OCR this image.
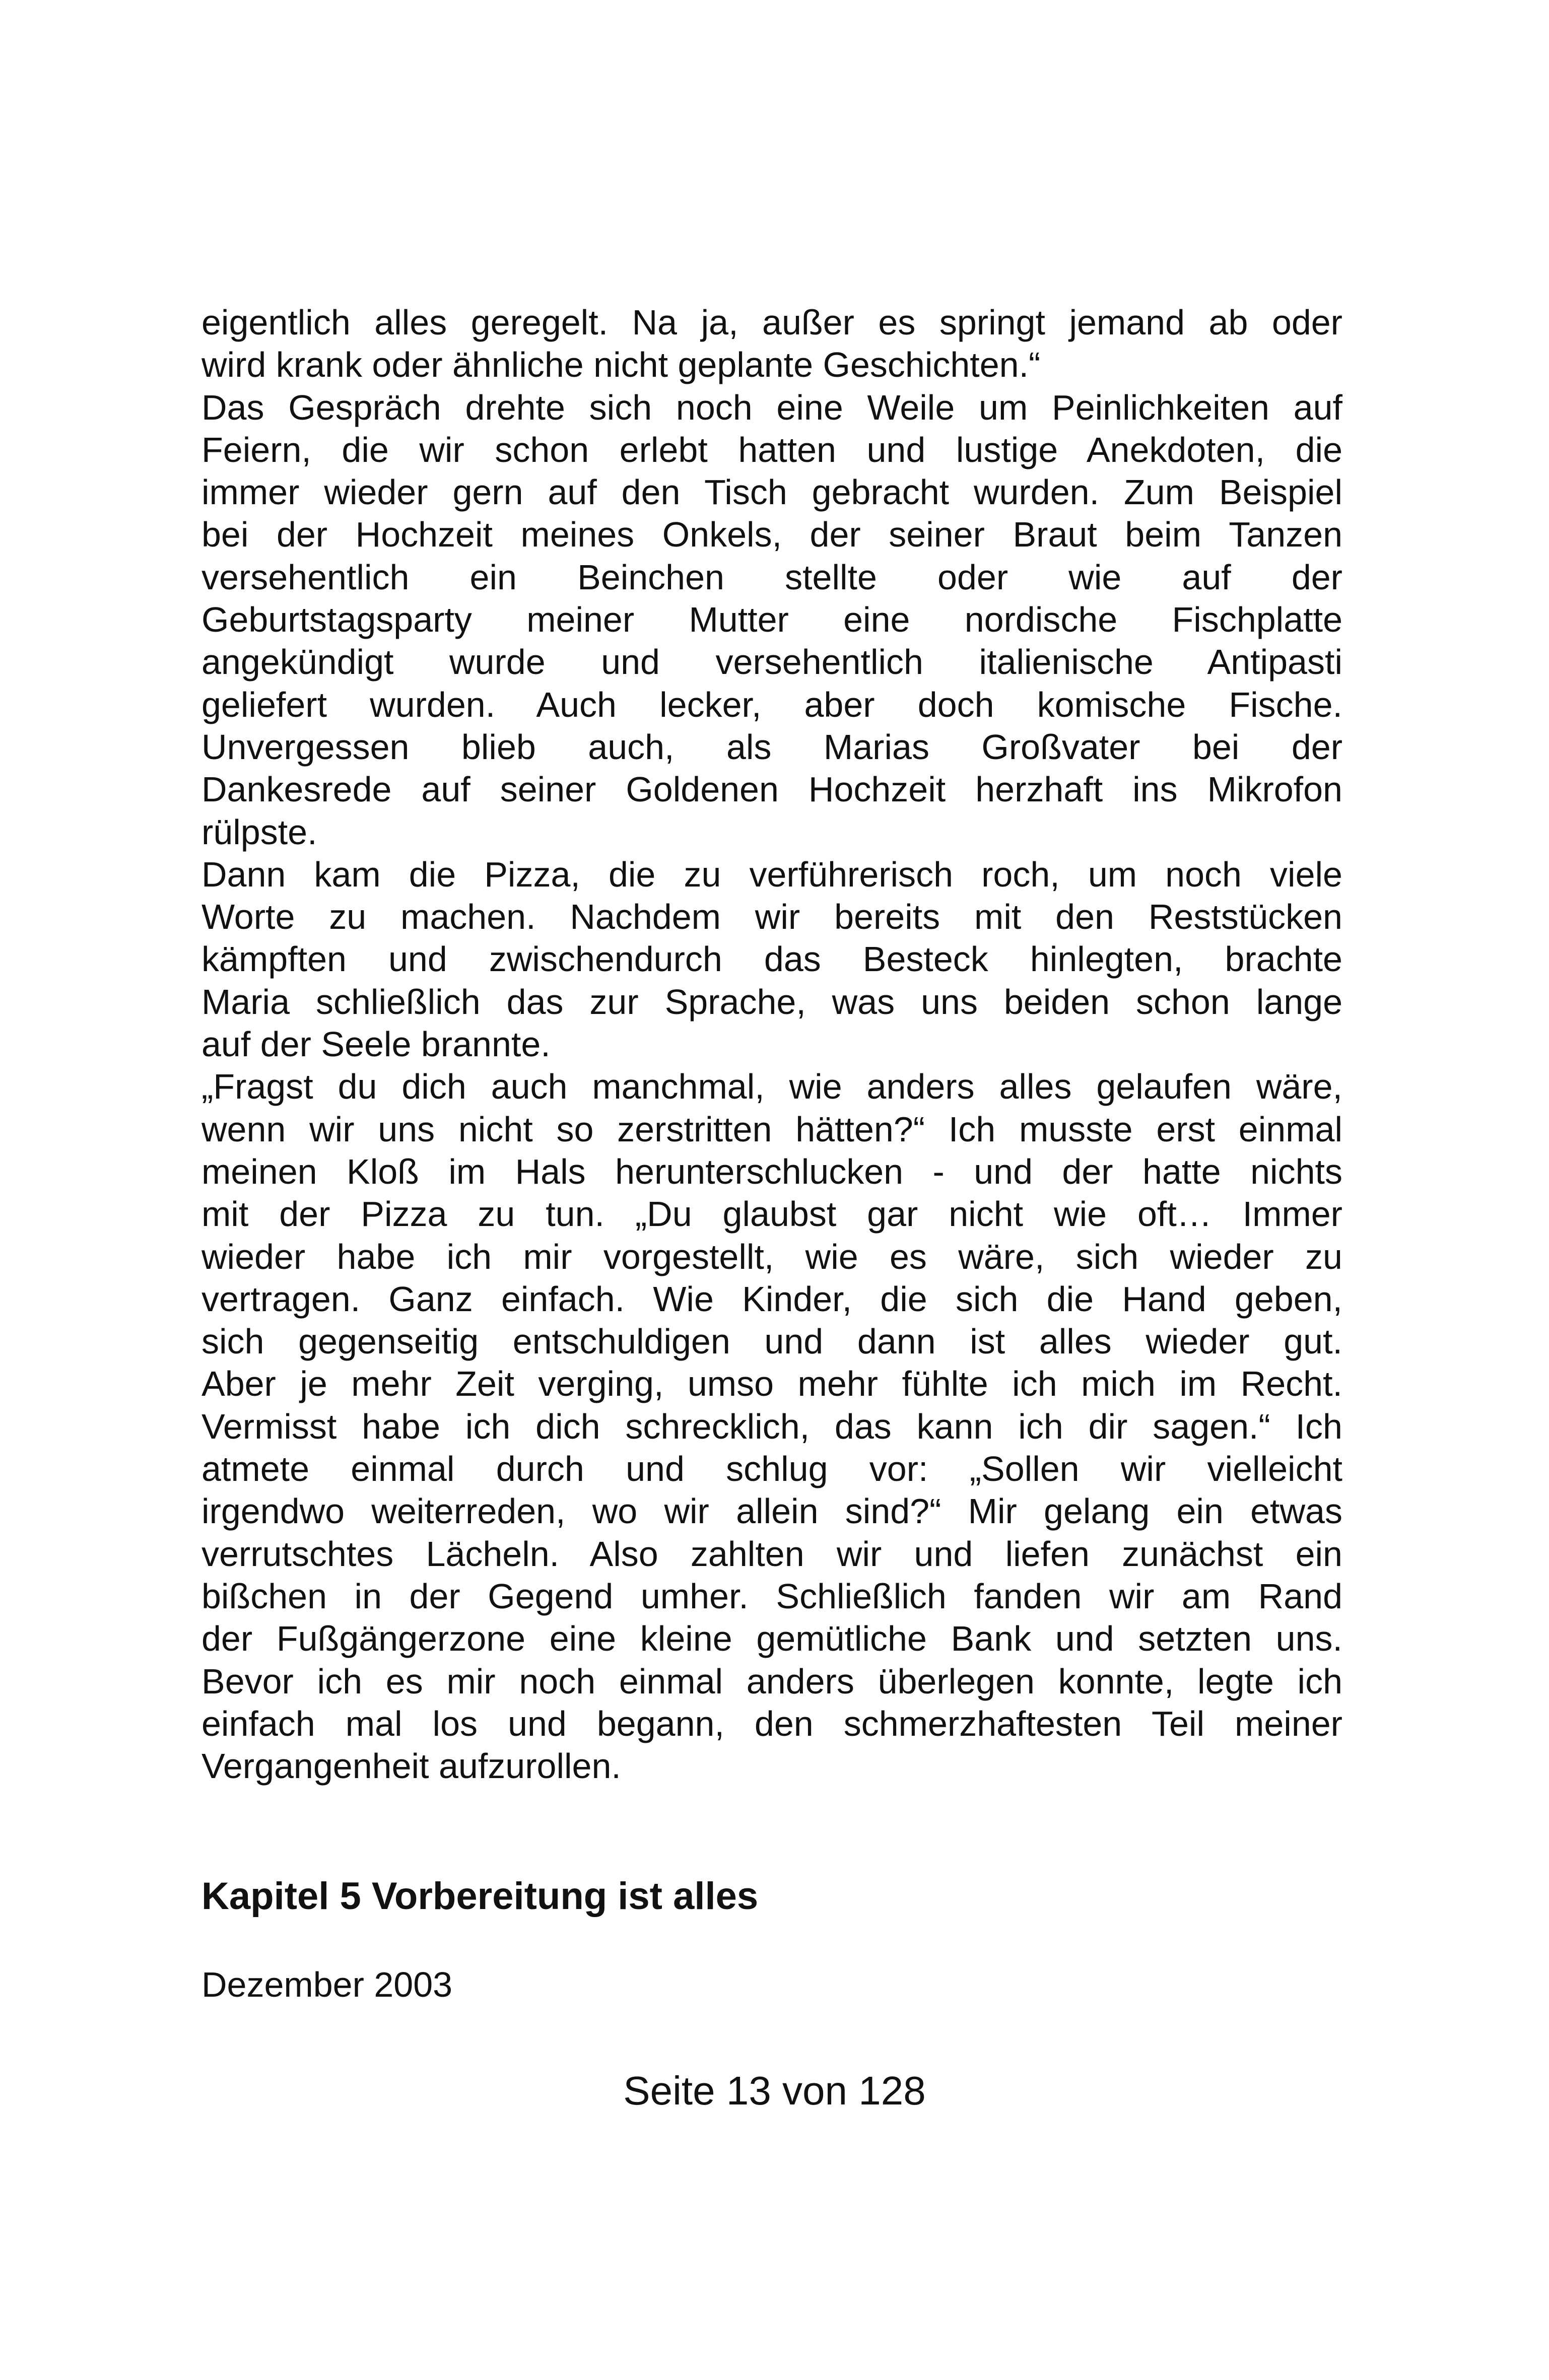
eigentlich alles geregelt. Na ja, außer es springt jemand ab oder
wird krank oder ähnliche nicht geplante Geschichten.“
Das Gespräch drehte sich noch eine Weile um Peinlichkeiten auf
Feiern, die wir schon erlebt hatten und lustige Anekdoten, die
immer wieder gern auf den Tisch gebracht wurden. Zum Beispiel
bei der Hochzeit meines Onkels, der seiner Braut beim Tanzen
versehentlich ein Beinchen stellte oder wie auf der
Geburtstagsparty meiner Mutter eine nordische Fischplatte
angekündigt wurde und versehentlich italienische Antipasti
geliefert wurden. Auch lecker, aber doch komische Fische.
Unvergessen blieb auch, als Marias Großvater bei der
Dankesrede auf seiner Goldenen Hochzeit herzhaft ins Mikrofon
rülpste.
Dann kam die Pizza, die zu verführerisch roch, um noch viele
Worte zu machen. Nachdem wir bereits mit den Reststücken
kämpften und zwischendurch das Besteck hinlegten, brachte
Maria schließlich das zur Sprache, was uns beiden schon lange
auf der Seele brannte.
„Fragst du dich auch manchmal, wie anders alles gelaufen wäre,
wenn wir uns nicht so zerstritten hätten?“ Ich musste erst einmal
meinen Kloß im Hals herunterschlucken - und der hatte nichts
mit der Pizza zu tun. „Du glaubst gar nicht wie oft… Immer
wieder habe ich mir vorgestellt, wie es wäre, sich wieder zu
vertragen. Ganz einfach. Wie Kinder, die sich die Hand geben,
sich gegenseitig entschuldigen und dann ist alles wieder gut.
Aber je mehr Zeit verging, umso mehr fühlte ich mich im Recht.
Vermisst habe ich dich schrecklich, das kann ich dir sagen.“ Ich
atmete einmal durch und schlug vor: „Sollen wir vielleicht
irgendwo weiterreden, wo wir allein sind?“ Mir gelang ein etwas
verrutschtes Lächeln. Also zahlten wir und liefen zunächst ein
bißchen in der Gegend umher. Schließlich fanden wir am Rand
der Fußgängerzone eine kleine gemütliche Bank und setzten uns.
Bevor ich es mir noch einmal anders überlegen konnte, legte ich
einfach mal los und begann, den schmerzhaftesten Teil meiner
Vergangenheit aufzurollen.
Kapitel 5 Vorbereitung ist alles
Dezember 2003
Seite 13 von 128
